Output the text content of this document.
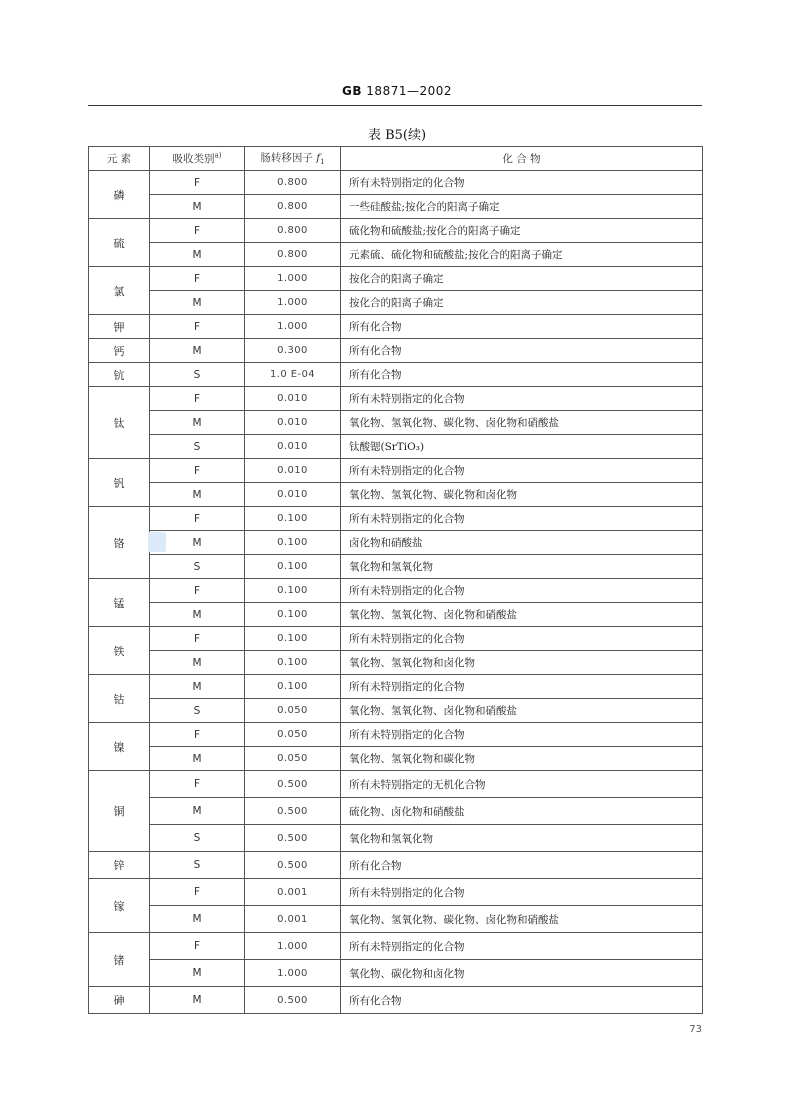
GB 18871—2002
表 B5(续)
元 素	吸收类别$^{a)}$	肠转移因子 $f_1$	化 合 物
磷	F	0.800	所有未特别指定的化合物
	M	0.800	一些硅酸盐;按化合的阳离子确定
硫	F	0.800	硫化物和硫酸盐;按化合的阳离子确定
	M	0.800	元素硫、硫化物和硫酸盐;按化合的阳离子确定
氯	F	1.000	按化合的阳离子确定
	M	1.000	按化合的阳离子确定
钾	F	1.000	所有化合物
钙	M	0.300	所有化合物
钪	S	1.0 E-04	所有化合物
钛	F	0.010	所有未特别指定的化合物
	M	0.010	氧化物、氢氧化物、碳化物、卤化物和硝酸盐
	S	0.010	钛酸锶(SrTiO₃)
钒	F	0.010	所有未特别指定的化合物
	M	0.010	氧化物、氢氧化物、碳化物和卤化物
铬	F	0.100	所有未特别指定的化合物
	M	0.100	卤化物和硝酸盐
	S	0.100	氧化物和氢氧化物
锰	F	0.100	所有未特别指定的化合物
	M	0.100	氧化物、氢氧化物、卤化物和硝酸盐
铁	F	0.100	所有未特别指定的化合物
	M	0.100	氧化物、氢氧化物和卤化物
钴	M	0.100	所有未特别指定的化合物
	S	0.050	氧化物、氢氧化物、卤化物和硝酸盐
镍	F	0.050	所有未特别指定的化合物
	M	0.050	氧化物、氢氧化物和碳化物
铜	F	0.500	所有未特别指定的无机化合物
	M	0.500	硫化物、卤化物和硝酸盐
	S	0.500	氧化物和氢氧化物
锌	S	0.500	所有化合物
镓	F	0.001	所有未特别指定的化合物
	M	0.001	氧化物、氢氧化物、碳化物、卤化物和硝酸盐
锗	F	1.000	所有未特别指定的化合物
	M	1.000	氧化物、碳化物和卤化物
砷	M	0.500	所有化合物
73
